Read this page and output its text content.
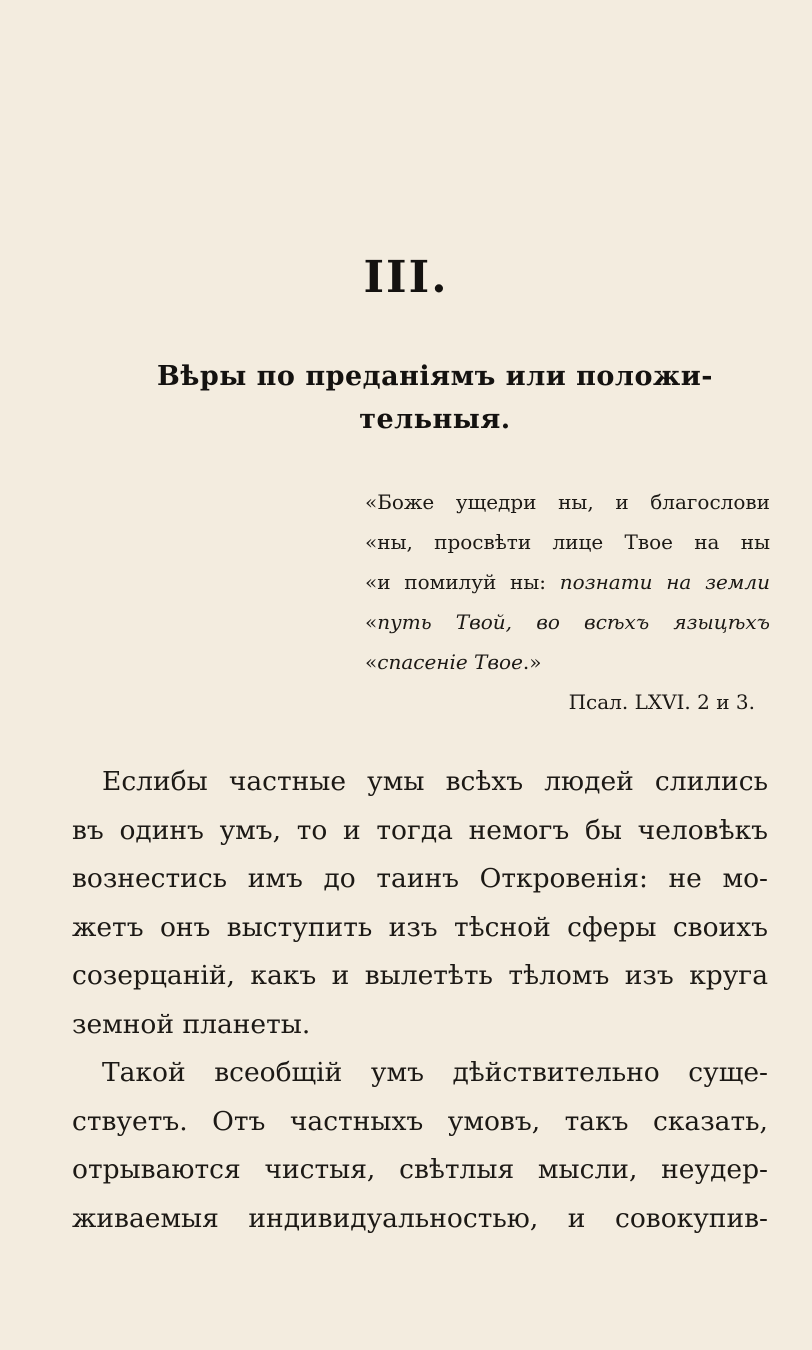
III.
Вѣры по преданіямъ или положи-
тельныя.
«Боже ущедри ны, и благослови
«ны, просвѣти лице Твое на ны
«и помилуй ны: познати на земли
«путь Твой, во всѣхъ языцѣхъ
«спасеніе Твое.»
Псал. LXVI. 2 и 3.
Еслибы частные умы всѣхъ людей слились
въ одинъ умъ, то и тогда немогъ бы человѣкъ
вознестись имъ до таинъ Откровенія: не мо-
жетъ онъ выступить изъ тѣсной сферы своихъ
созерцаній, какъ и вылетѣть тѣломъ изъ круга
земной планеты.
Такой всеобщій умъ дѣйствительно суще-
ствуетъ. Отъ частныхъ умовъ, такъ сказать,
отрываются чистыя, свѣтлыя мысли, неудер-
живаемыя индивидуальностью, и совокупив-
